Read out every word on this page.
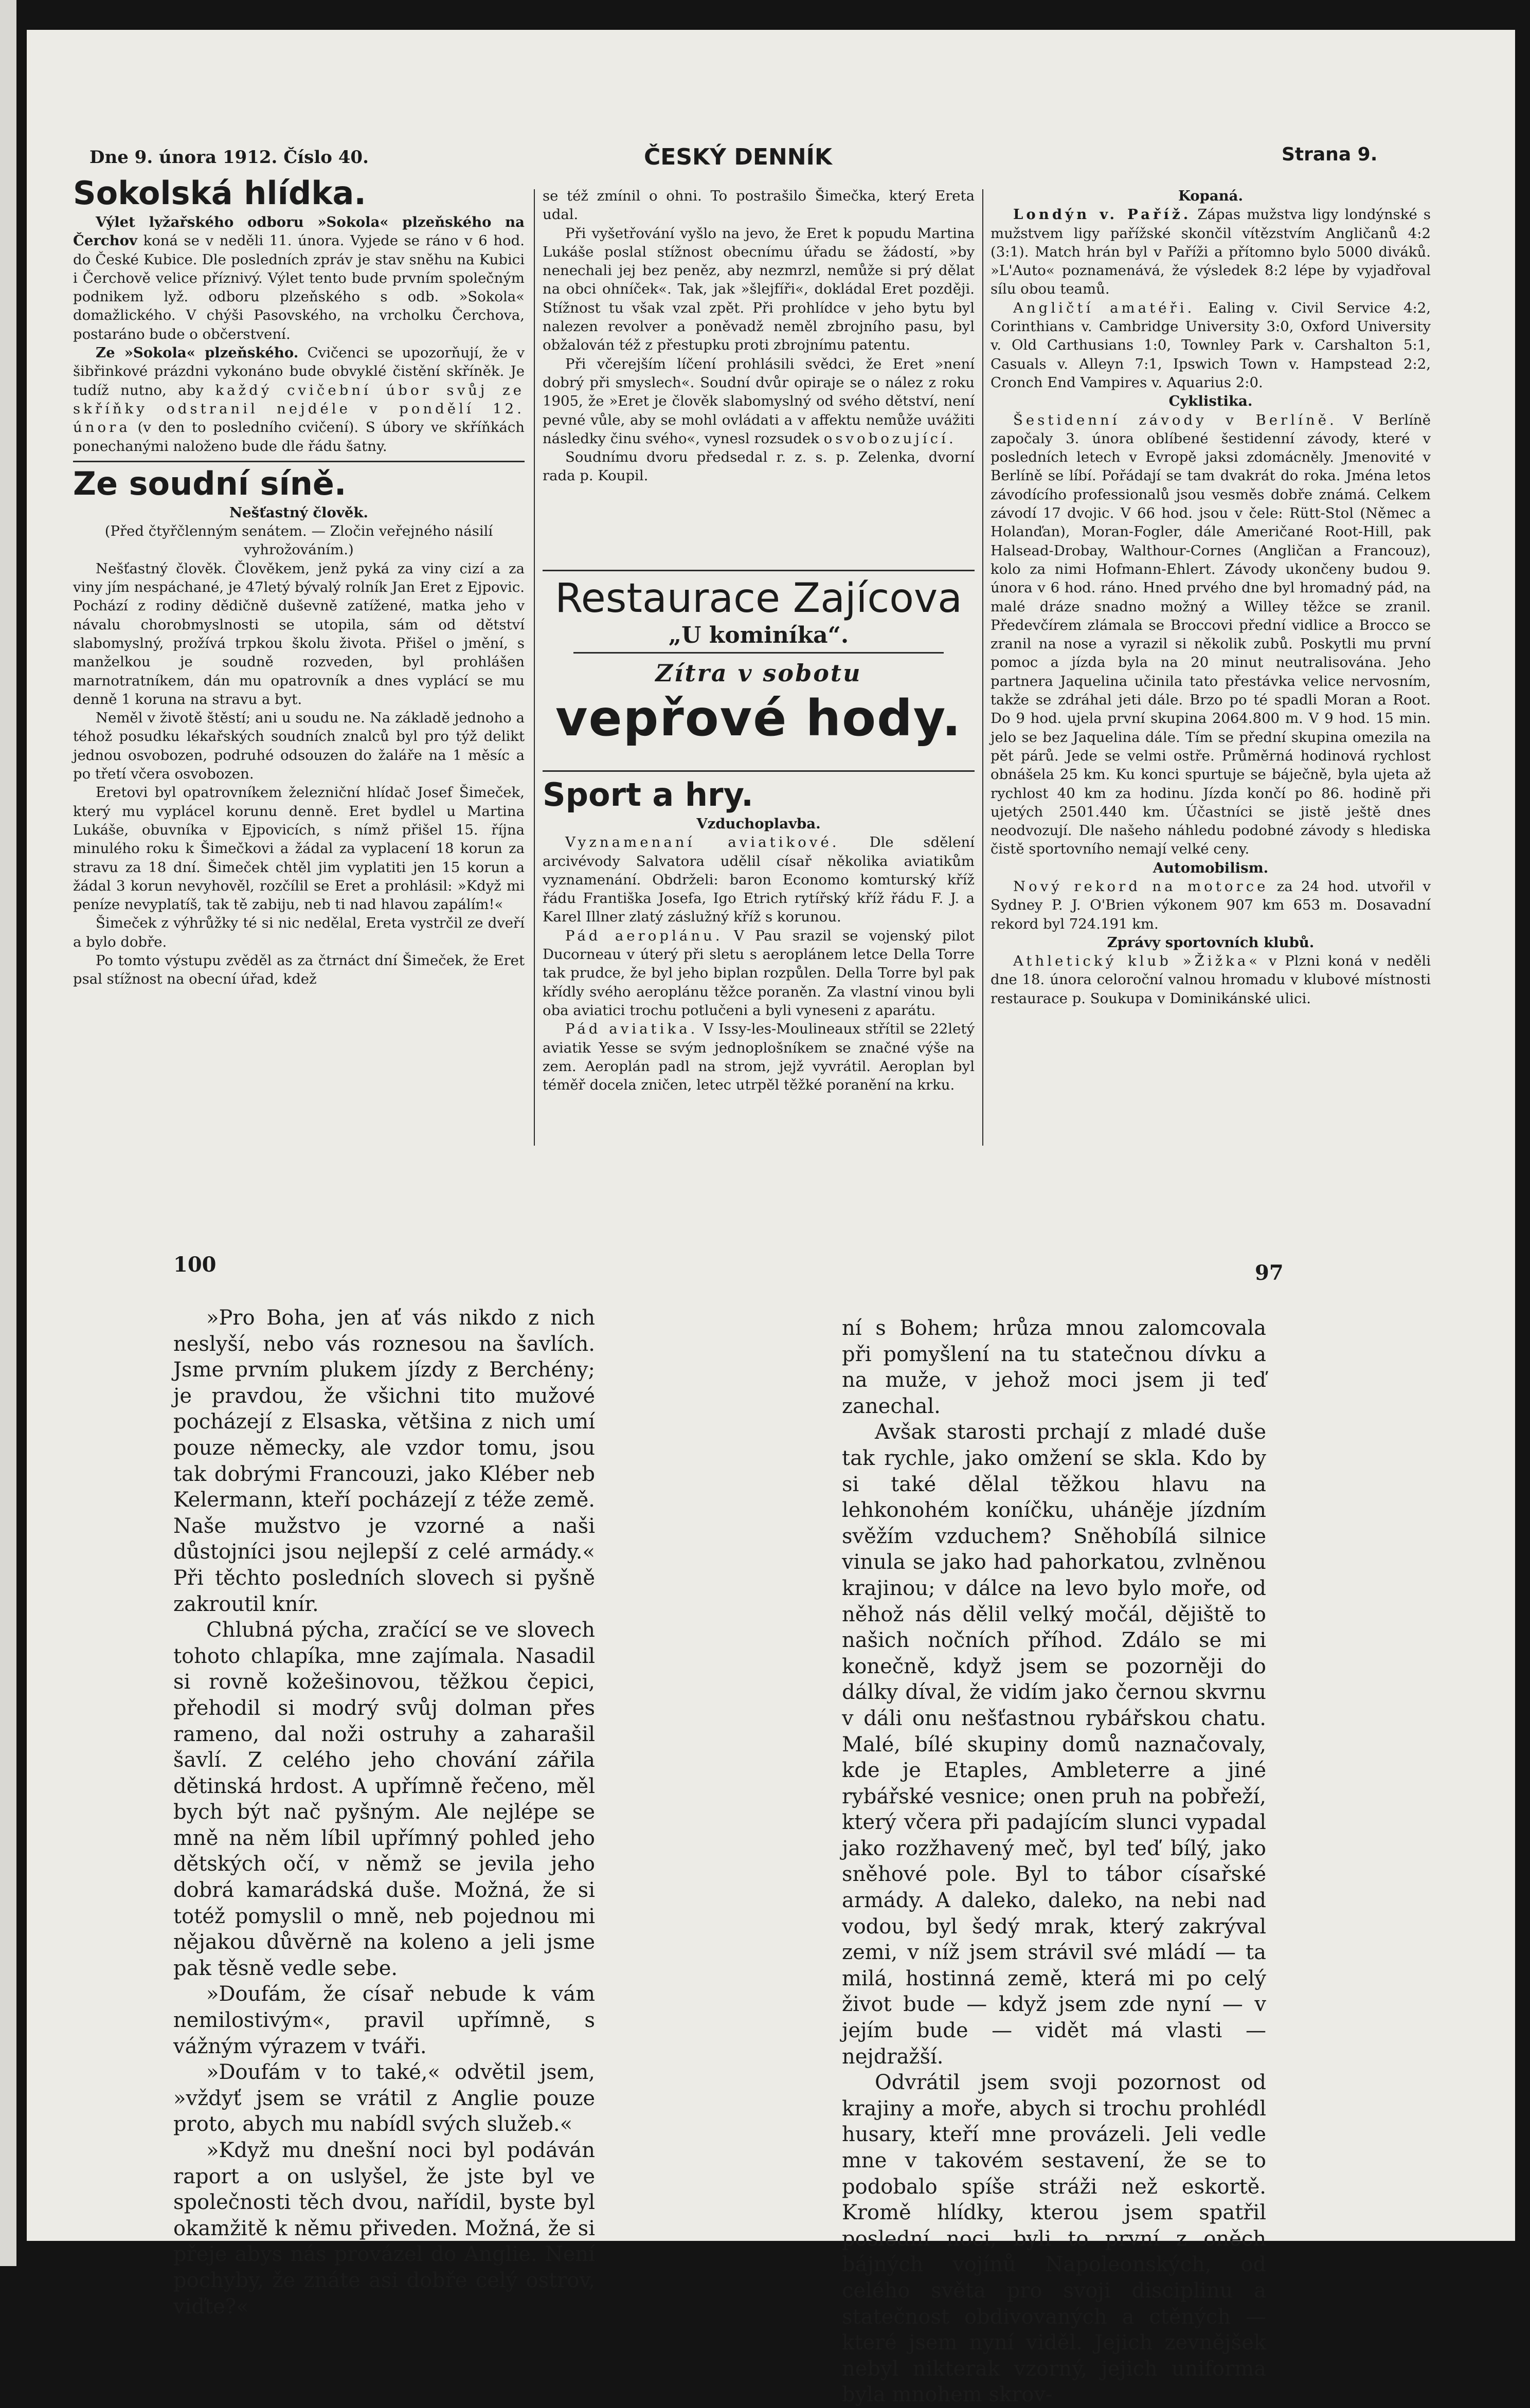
Dne 9. února 1912. Číslo 40.	ČESKÝ DENNÍK	Strana 9.

Sokolská hlídka.

Výlet lyžařského odboru »Sokola« plzeňského na Čerchov koná se v neděli 11. února. Vyjede se ráno v 6 hod. do České Kubice. Dle posledních zpráv je stav sněhu na Kubici i Čerchově velice příznivý. Výlet tento bude prvním společným podnikem lyž. odboru plzeňského s odb. »Sokola« domažlického. V chýši Pasovského, na vrcholku Čerchova, postaráno bude o občerstvení.

Ze »Sokola« plzeňského. Cvičenci se upozorňují, že v šibřinkové prázdni vykonáno bude obvyklé čistění skříněk. Je tudíž nutno, aby každý cvičební úbor svůj ze skříňky odstranil nejdéle v pondělí 12. února (v den to posledního cvičení). S úbory ve skříňkách ponechanými naloženo bude dle řádu šatny.

Ze soudní síně.

Nešťastný člověk.

(Před čtyřčlenným senátem. — Zločin veřejného násilí vyhrožováním.)

Nešťastný člověk. Člověkem, jenž pyká za viny cizí a za viny jím nespáchané, je 47letý bývalý rolník Jan Eret z Ejpovic. Pochází z rodiny dědičně duševně zatížené, matka jeho v návalu chorobmyslnosti se utopila, sám od dětství slabomyslný, prožívá trpkou školu života. Přišel o jmění, s manželkou je soudně rozveden, byl prohlášen marnotratníkem, dán mu opatrovník a dnes vyplácí se mu denně 1 koruna na stravu a byt.

Neměl v životě štěstí; ani u soudu ne. Na základě jednoho a téhož posudku lékařských soudních znalců byl pro týž delikt jednou osvobozen, podruhé odsouzen do žaláře na 1 měsíc a po třetí včera osvobozen.

Eretovi byl opatrovníkem železniční hlídač Josef Šimeček, který mu vyplácel korunu denně. Eret bydlel u Martina Lukáše, obuvníka v Ejpovicích, s nímž přišel 15. října minulého roku k Šimečkovi a žádal za vyplacení 18 korun za stravu za 18 dní. Šimeček chtěl jim vyplatiti jen 15 korun a žádal 3 korun nevyhověl, rozčílil se Eret a prohlásil: »Když mi peníze nevyplatíš, tak tě zabiju, neb ti nad hlavou zapálím!«

Šimeček z výhrůžky té si nic nedělal, Ereta vystrčil ze dveří a bylo dobře.

Po tomto výstupu zvěděl as za čtrnáct dní Šimeček, že Eret psal stížnost na obecní úřad, kdež

se též zmínil o ohni. To postrašilo Šimečka, který Ereta udal.

Při vyšetřování vyšlo na jevo, že Eret k popudu Martina Lukáše poslal stížnost obecnímu úřadu se žádostí, »by nenechali jej bez peněz, aby nezmrzl, nemůže si prý dělat na obci ohníček«. Tak, jak »šlejfíři«, dokládal Eret později. Stížnost tu však vzal zpět. Při prohlídce v jeho bytu byl nalezen revolver a poněvadž neměl zbrojního pasu, byl obžalován též z přestupku proti zbrojnímu patentu.

Při včerejším líčení prohlásili svědci, že Eret »není dobrý při smyslech«. Soudní dvůr opiraje se o nález z roku 1905, že »Eret je člověk slabomyslný od svého dětství, není pevné vůle, aby se mohl ovládati a v affektu nemůže uvážiti následky činu svého«, vynesl rozsudek osvobozující.

Soudnímu dvoru předsedal r. z. s. p. Zelenka, dvorní rada p. Koupil.

Restaurace Zajícova
„U kominíka“.
Zítra v sobotu
vepřové hody.

Sport a hry.

Vzduchoplavba.

Vyznamenaní aviatikové. Dle sdělení arcivévody Salvatora udělil císař několika aviatikům vyznamenání. Obdrželi: baron Economo komturský kříž řádu Františka Josefa, Igo Etrich rytířský kříž řádu F. J. a Karel Illner zlatý záslužný kříž s korunou.

Pád aeroplánu. V Pau srazil se vojenský pilot Ducorneau v úterý při sletu s aeroplánem letce Della Torre tak prudce, že byl jeho biplan rozpůlen. Della Torre byl pak křídly svého aeroplánu těžce poraněn. Za vlastní vinou byli oba aviatici trochu potlučeni a byli vyneseni z aparátu.

Pád aviatika. V Issy-les-Moulineaux střítil se 22letý aviatik Yesse se svým jednoplošníkem se značné výše na zem. Aeroplán padl na strom, jejž vyvrátil. Aeroplan byl téměř docela zničen, letec utrpěl těžké poranění na krku.

Kopaná.

Londýn v. Paříž. Zápas mužstva ligy londýnské s mužstvem ligy pařížské skončil vítězstvím Angličanů 4:2 (3:1). Match hrán byl v Paříži a přítomno bylo 5000 diváků. »L'Auto« poznamenává, že výsledek 8:2 lépe by vyjadřoval sílu obou teamů.

Angličtí amatéři. Ealing v. Civil Service 4:2, Corinthians v. Cambridge University 3:0, Oxford University v. Old Carthusians 1:0, Townley Park v. Carshalton 5:1, Casuals v. Alleyn 7:1, Ipswich Town v. Hampstead 2:2, Cronch End Vampires v. Aquarius 2:0.

Cyklistika.

Šestidenní závody v Berlíně. V Berlíně započaly 3. února oblíbené šestidenní závody, které v posledních letech v Evropě jaksi zdomácněly. Jmenovité v Berlíně se líbí. Pořádají se tam dvakrát do roka. Jména letos závodícího professionalů jsou vesměs dobře známá. Celkem závodí 17 dvojic. V 66 hod. jsou v čele: Rütt-Stol (Němec a Holanďan), Moran-Fogler, dále Američané Root-Hill, pak Halsead-Drobay, Walthour-Cornes (Angličan a Francouz), kolo za nimi Hofmann-Ehlert. Závody ukončeny budou 9. února v 6 hod. ráno. Hned prvého dne byl hromadný pád, na malé dráze snadno možný a Willey těžce se zranil. Předevčírem zlámala se Broccovi přední vidlice a Brocco se zranil na nose a vyrazil si několik zubů. Poskytli mu první pomoc a jízda byla na 20 minut neutralisována. Jeho partnera Jaquelina učinila tato přestávka velice nervosním, takže se zdráhal jeti dále. Brzo po té spadli Moran a Root. Do 9 hod. ujela první skupina 2064.800 m. V 9 hod. 15 min. jelo se bez Jaquelina dále. Tím se přední skupina omezila na pět párů. Jede se velmi ostře. Průměrná hodinová rychlost obnášela 25 km. Ku konci spurtuje se báječně, byla ujeta až rychlost 40 km za hodinu. Jízda končí po 86. hodině při ujetých 2501.440 km. Účastníci se jistě ještě dnes neodvozují. Dle našeho náhledu podobné závody s hlediska čistě sportovního nemají velké ceny.

Automobilism.

Nový rekord na motorce za 24 hod. utvořil v Sydney P. J. O'Brien výkonem 907 km 653 m. Dosavadní rekord byl 724.191 km.

Zprávy sportovních klubů.

Athletický klub »Žižka« v Plzni koná v neděli dne 18. února celoroční valnou hromadu v klubové místnosti restaurace p. Soukupa v Dominikánské ulici.

100

»Pro Boha, jen ať vás nikdo z nich neslyší, nebo vás roznesou na šavlích. Jsme prvním plukem jízdy z Berchény; je pravdou, že všichni tito mužové pocházejí z Elsaska, většina z nich umí pouze německy, ale vzdor tomu, jsou tak dobrými Francouzi, jako Kléber neb Kelermann, kteří pocházejí z téže země. Naše mužstvo je vzorné a naši důstojníci jsou nejlepší z celé armády.« Při těchto posledních slovech si pyšně zakroutil knír.

Chlubná pýcha, zračící se ve slovech tohoto chlapíka, mne zajímala. Nasadil si rovně kožešinovou, těžkou čepici, přehodil si modrý svůj dolman přes rameno, dal noži ostruhy a zaharašil šavlí. Z celého jeho chování zářila dětinská hrdost. A upřímně řečeno, měl bych být nač pyšným. Ale nejlépe se mně na něm líbil upřímný pohled jeho dětských očí, v němž se jevila jeho dobrá kamarádská duše. Možná, že si totéž pomyslil o mně, neb pojednou mi nějakou důvěrně na koleno a jeli jsme pak těsně vedle sebe.

»Doufám, že císař nebude k vám nemilostivým«, pravil upřímně, s vážným výrazem v tváři.

»Doufám v to také,« odvětil jsem, »vždyť jsem se vrátil z Anglie pouze proto, abych mu nabídl svých služeb.«

»Když mu dnešní noci byl podáván raport a on uslyšel, že jste byl ve společnosti těch dvou, nařídil, byste byl okamžitě k němu přiveden. Možná, že si přeje abys nás provázel do Anglie. Není pochyby, že znáte asi dobře celý ostrov, viďte?«

97

ní s Bohem; hrůza mnou zalomcovala při pomyšlení na tu statečnou dívku a na muže, v jehož moci jsem ji teď zanechal.

Avšak starosti prchají z mladé duše tak rychle, jako omžení se skla. Kdo by si také dělal těžkou hlavu na lehkonohém koníčku, uháněje jízdním svěžím vzduchem? Sněhobílá silnice vinula se jako had pahorkatou, zvlněnou krajinou; v dálce na levo bylo moře, od něhož nás dělil velký močál, dějiště to našich nočních příhod. Zdálo se mi konečně, když jsem se pozorněji do dálky díval, že vidím jako černou skvrnu v dáli onu nešťastnou rybářskou chatu. Malé, bílé skupiny domů naznačovaly, kde je Etaples, Ambleterre a jiné rybářské vesnice; onen pruh na pobřeží, který včera při padajícím slunci vypadal jako rozžhavený meč, byl teď bílý, jako sněhové pole. Byl to tábor císařské armády. A daleko, daleko, na nebi nad vodou, byl šedý mrak, který zakrýval zemi, v níž jsem strávil své mládí — ta milá, hostinná země, která mi po celý život bude — když jsem zde nyní — v jejím bude — vidět má vlasti — nejdražší.

Odvrátil jsem svoji pozornost od krajiny a moře, abych si trochu prohlédl husary, kteří mne provázeli. Jeli vedle mne v takovém sestavení, že se to podobalo spíše stráži než eskortě. Kromě hlídky, kterou jsem spatřil poslední noci, byli to první z oněch bájných vojínů Napoleonských, od celého světa pro svoji disciplinu a statečnost obdivovaných a ctěných — které jsem nyní viděl. Jejich zevnějšek nebyl nikterak vzorný, jejich uniforma byla mnohem skrov-
